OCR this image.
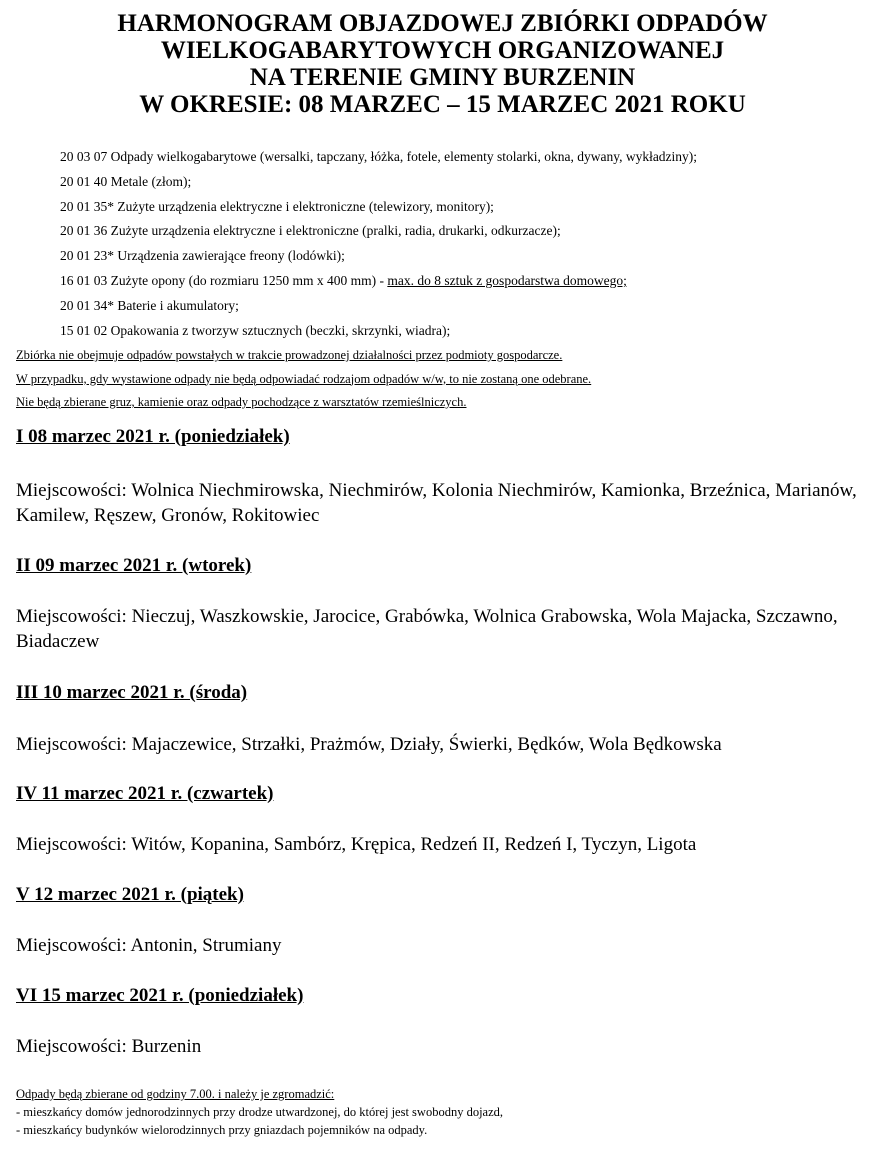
HARMONOGRAM OBJAZDOWEJ ZBIÓRKI ODPADÓW
WIELKOGABARYTOWYCH ORGANIZOWANEJ
NA TERENIE GMINY BURZENIN
W OKRESIE: 08 MARZEC – 15 MARZEC 2021 ROKU
20 03 07 Odpady wielkogabarytowe (wersalki, tapczany, łóżka, fotele, elementy stolarki, okna, dywany, wykładziny);
20 01 40 Metale (złom);
20 01 35* Zużyte urządzenia elektryczne i elektroniczne (telewizory, monitory);
20 01 36 Zużyte urządzenia elektryczne i elektroniczne (pralki, radia, drukarki, odkurzacze);
20 01 23* Urządzenia zawierające freony (lodówki);
16 01 03 Zużyte opony (do rozmiaru 1250 mm x 400 mm) - max. do 8 sztuk z gospodarstwa domowego;
20 01 34* Baterie i akumulatory;
15 01 02 Opakowania z tworzyw sztucznych (beczki, skrzynki, wiadra);
Zbiórka nie obejmuje odpadów powstałych w trakcie prowadzonej działalności przez podmioty gospodarcze.
W przypadku, gdy wystawione odpady nie będą odpowiadać rodzajom odpadów w/w, to nie zostaną one odebrane.
Nie będą zbierane gruz, kamienie oraz odpady pochodzące z warsztatów rzemieślniczych.
I 08 marzec 2021 r. (poniedziałek)
Miejscowości: Wolnica Niechmirowska, Niechmirów, Kolonia Niechmirów, Kamionka, Brzeźnica, Marianów, Kamilew, Ręszew, Gronów, Rokitowiec
II 09 marzec 2021 r. (wtorek)
Miejscowości: Nieczuj, Waszkowskie, Jarocice, Grabówka, Wolnica Grabowska, Wola Majacka, Szczawno, Biadaczew
III 10 marzec 2021 r. (środa)
Miejscowości: Majaczewice, Strzałki, Prażmów, Działy, Świerki, Będków, Wola Będkowska
IV 11 marzec 2021 r. (czwartek)
Miejscowości: Witów, Kopanina, Sambórz, Krępica, Redzeń II, Redzeń I, Tyczyn, Ligota
V 12 marzec 2021 r. (piątek)
Miejscowości: Antonin, Strumiany
VI 15 marzec 2021 r. (poniedziałek)
Miejscowości: Burzenin
Odpady będą zbierane od godziny 7.00. i należy je zgromadzić:
- mieszkańcy domów jednorodzinnych przy drodze utwardzonej, do której jest swobodny dojazd,
- mieszkańcy budynków wielorodzinnych przy gniazdach pojemników na odpady.
